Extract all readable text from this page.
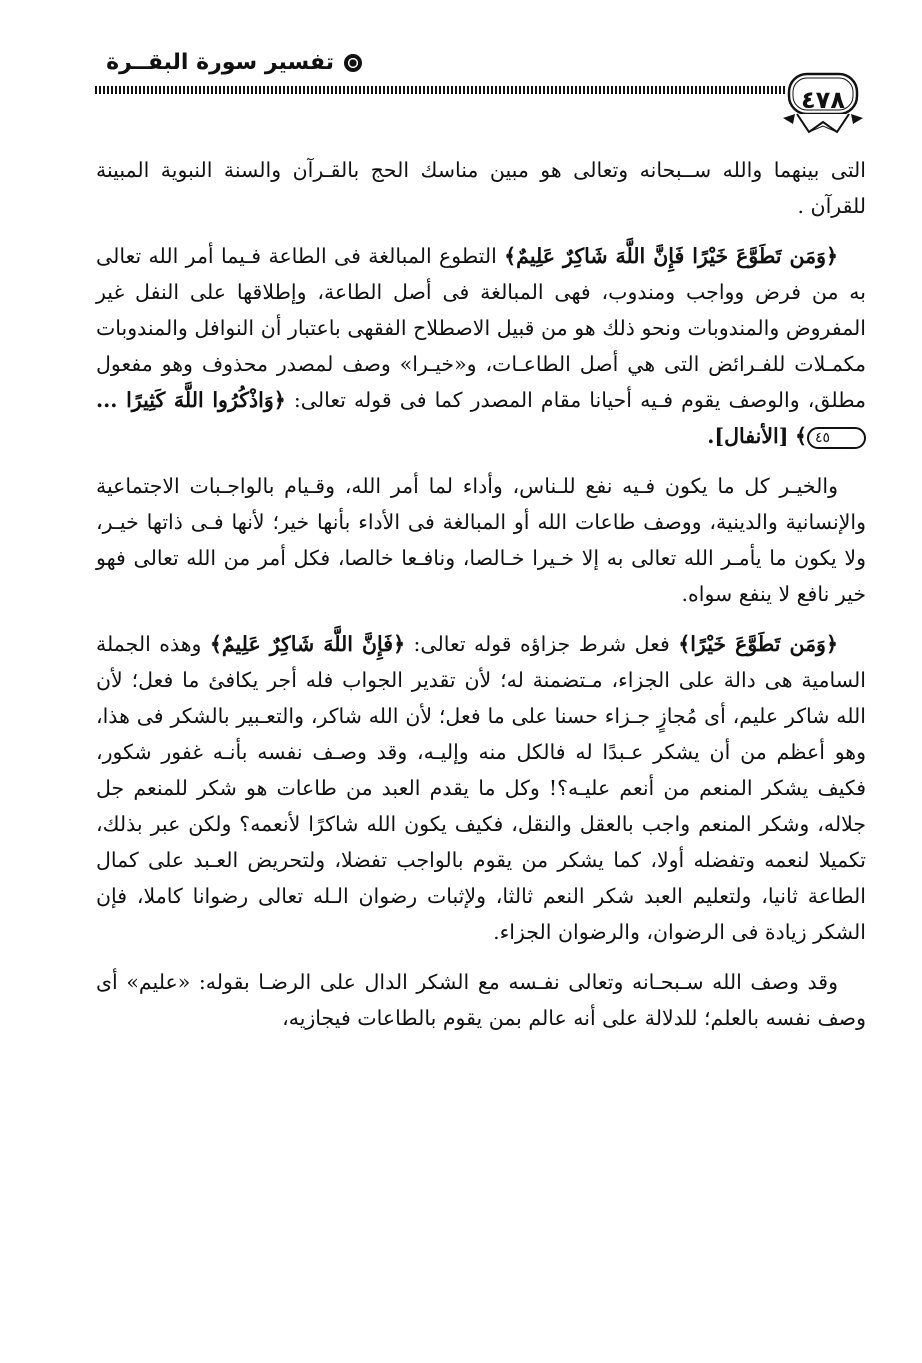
تفسير سورة البقــرة
٤٧٨

التى بينهما والله ســبحانه وتعالى هو مبين مناسك الحج بالقـرآن والسنة النبوية المبينة للقرآن .

﴿وَمَن تَطَوَّعَ خَيْرًا فَإِنَّ اللَّهَ شَاكِرٌ عَلِيمٌ﴾ التطوع المبالغة فى الطاعة فـيما أمر الله تعالى به من فرض وواجب ومندوب، فهى المبالغة فى أصل الطاعة، وإطلاقها على النفل غير المفروض والمندوبات ونحو ذلك هو من قبيل الاصطلاح الفقهى باعتبار أن النوافل والمندوبات مكمـلات للفـرائض التى هي أصل الطاعـات، و«خيـرا» وصف لمصدر محذوف وهو مفعول مطلق، والوصف يقوم فـيه أحيانا مقام المصدر كما فى قوله تعالى: ﴿وَاذْكُرُوا اللَّهَ كَثِيرًا ... ٤٥﴾ [الأنفال].

والخيـر كل ما يكون فـيه نفع للـناس، وأداء لما أمر الله، وقـيام بالواجـبات الاجتماعية والإنسانية والدينية، ووصف طاعات الله أو المبالغة فى الأداء بأنها خير؛ لأنها فـى ذاتها خيـر، ولا يكون ما يأمـر الله تعالى به إلا خـيرا خـالصا، ونافـعا خالصا، فكل أمر من الله تعالى فهو خير نافع لا ينفع سواه.

﴿وَمَن تَطَوَّعَ خَيْرًا﴾ فعل شرط جزاؤه قوله تعالى: ﴿فَإِنَّ اللَّهَ شَاكِرٌ عَلِيمٌ﴾ وهذه الجملة السامية هى دالة على الجزاء، مـتضمنة له؛ لأن تقدير الجواب فله أجر يكافئ ما فعل؛ لأن الله شاكر عليم، أى مُجازٍ جـزاء حسنا على ما فعل؛ لأن الله شاكر، والتعـبير بالشكر فى هذا، وهو أعظم من أن يشكر عـبدًا له فالكل منه وإليـه، وقد وصـف نفسه بأنـه غفور شكور، فكيف يشكر المنعم من أنعم عليـه؟! وكل ما يقدم العبد من طاعات هو شكر للمنعم جل جلاله، وشكر المنعم واجب بالعقل والنقل، فكيف يكون الله شاكرًا لأنعمه؟ ولكن عبر بذلك، تكميلا لنعمه وتفضله أولا، كما يشكر من يقوم بالواجب تفضلا، ولتحريض العـبد على كمال الطاعة ثانيا، ولتعليم العبد شكر النعم ثالثا، ولإثبات رضوان الـله تعالى رضوانا كاملا، فإن الشكر زيادة فى الرضوان، والرضوان الجزاء.

وقد وصف الله سـبحـانه وتعالى نفـسه مع الشكر الدال على الرضـا بقوله: «عليم» أى وصف نفسه بالعلم؛ للدلالة على أنه عالم بمن يقوم بالطاعات فيجازيه،
